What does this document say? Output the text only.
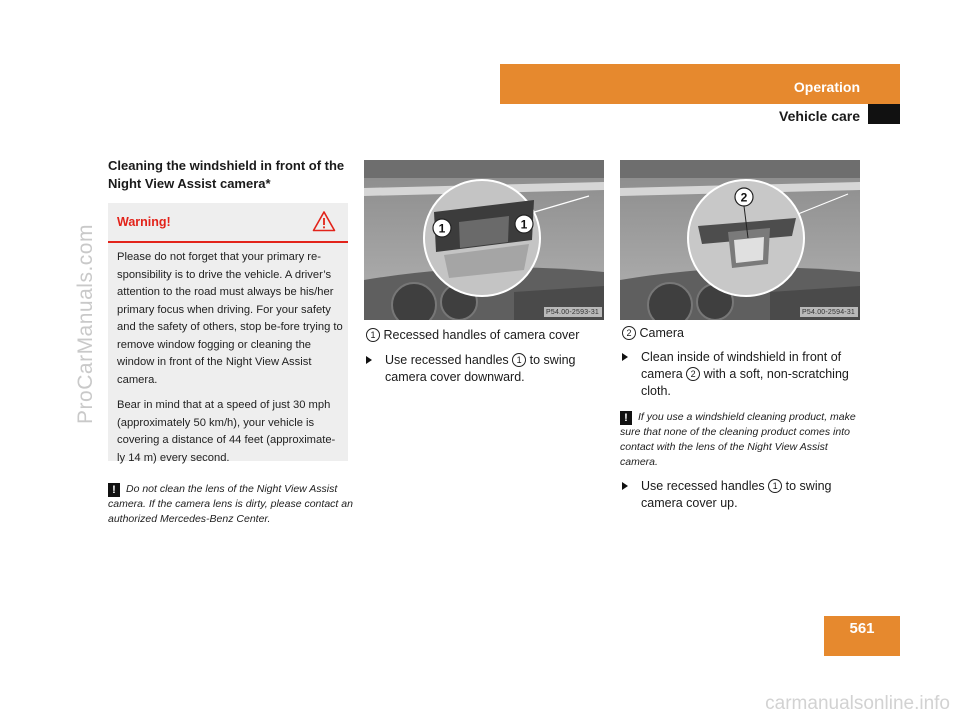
ProCarManuals.com
Operation
Vehicle care
561
Cleaning the windshield in front of the Night View Assist camera*
Warning!

Please do not forget that your primary re-sponsibility is to drive the vehicle. A driver’s attention to the road must always be his/her primary focus when driving. For your safety and the safety of others, stop be-fore trying to remove window fogging or cleaning the window in front of the Night View Assist camera.

Bear in mind that at a speed of just 30 mph (approximately 50 km/h), your vehicle is covering a distance of 44 feet (approximate-ly 14 m) every second.

! Do not clean the lens of the Night View Assist camera. If the camera lens is dirty, please contact an authorized Mercedes-Benz Center.
1	1
P54.00-2593-31
2
P54.00-2594-31
1 Recessed handles of camera cover
Use recessed handles 1 to swing camera cover downward.
2 Camera
Clean inside of windshield in front of camera 2 with a soft, non-scratching cloth.
! If you use a windshield cleaning product, make sure that none of the cleaning product comes into contact with the lens of the Night View Assist camera.
Use recessed handles 1 to swing camera cover up.
carmanualsonline.info
